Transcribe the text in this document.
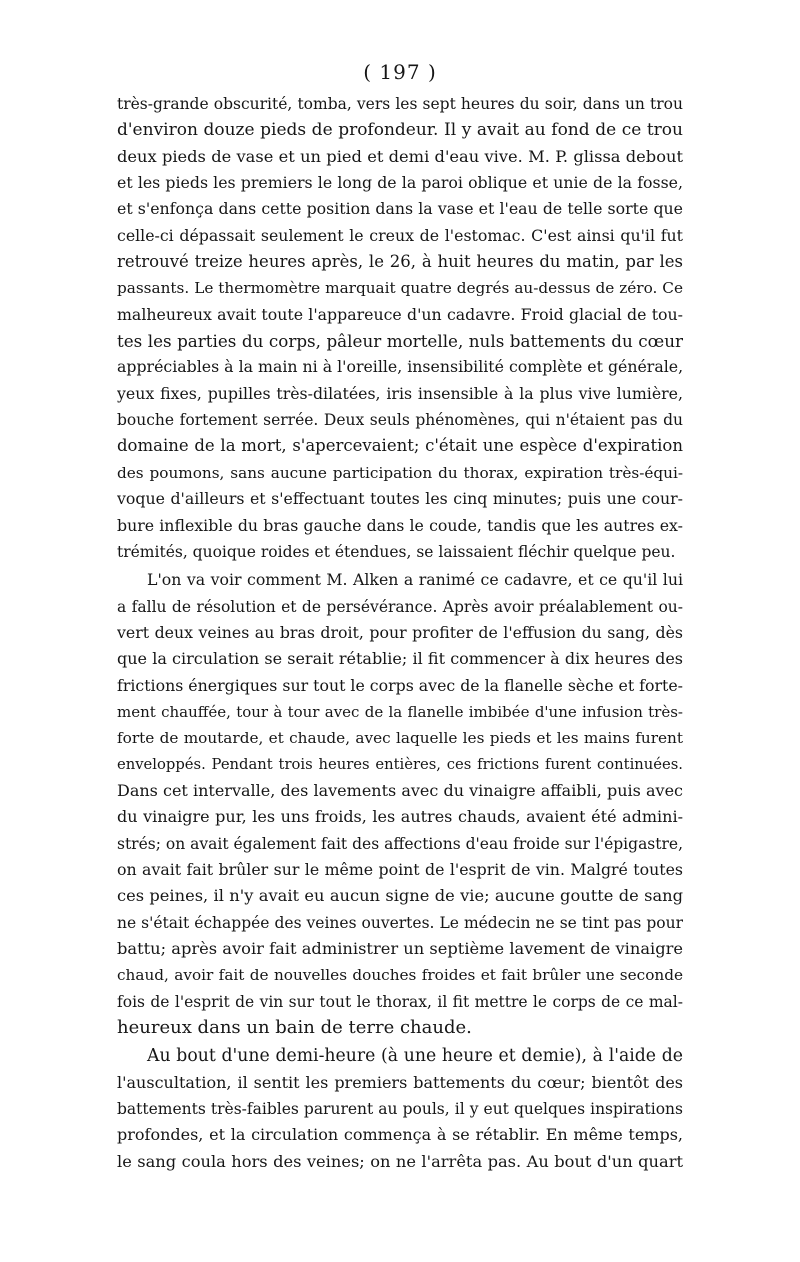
( 197 )
très-grande obscurité, tomba, vers les sept heures du soir, dans un trou
d'environ douze pieds de profondeur. Il y avait au fond de ce trou
deux pieds de vase et un pied et demi d'eau vive. M. P. glissa debout
et les pieds les premiers le long de la paroi oblique et unie de la fosse,
et s'enfonça dans cette position dans la vase et l'eau de telle sorte que
celle-ci dépassait seulement le creux de l'estomac. C'est ainsi qu'il fut
retrouvé treize heures après, le 26, à huit heures du matin, par les
passants. Le thermomètre marquait quatre degrés au-dessus de zéro. Ce
malheureux avait toute l'appareuce d'un cadavre. Froid glacial de tou-
tes les parties du corps, pâleur mortelle, nuls battements du cœur
appréciables à la main ni à l'oreille, insensibilité complète et générale,
yeux fixes, pupilles très-dilatées, iris insensible à la plus vive lumière,
bouche fortement serrée. Deux seuls phénomènes, qui n'étaient pas du
domaine de la mort, s'apercevaient; c'était une espèce d'expiration
des poumons, sans aucune participation du thorax, expiration très-équi-
voque d'ailleurs et s'effectuant toutes les cinq minutes; puis une cour-
bure inflexible du bras gauche dans le coude, tandis que les autres ex-
trémités, quoique roides et étendues, se laissaient fléchir quelque peu.
L'on va voir comment M. Alken a ranimé ce cadavre, et ce qu'il lui
a fallu de résolution et de persévérance. Après avoir préalablement ou-
vert deux veines au bras droit, pour profiter de l'effusion du sang, dès
que la circulation se serait rétablie; il fit commencer à dix heures des
frictions énergiques sur tout le corps avec de la flanelle sèche et forte-
ment chauffée, tour à tour avec de la flanelle imbibée d'une infusion très-
forte de moutarde, et chaude, avec laquelle les pieds et les mains furent
enveloppés. Pendant trois heures entières, ces frictions furent continuées.
Dans cet intervalle, des lavements avec du vinaigre affaibli, puis avec
du vinaigre pur, les uns froids, les autres chauds, avaient été admini-
strés; on avait également fait des affections d'eau froide sur l'épigastre,
on avait fait brûler sur le même point de l'esprit de vin. Malgré toutes
ces peines, il n'y avait eu aucun signe de vie; aucune goutte de sang
ne s'était échappée des veines ouvertes. Le médecin ne se tint pas pour
battu; après avoir fait administrer un septième lavement de vinaigre
chaud, avoir fait de nouvelles douches froides et fait brûler une seconde
fois de l'esprit de vin sur tout le thorax, il fit mettre le corps de ce mal-
heureux dans un bain de terre chaude.
Au bout d'une demi-heure (à une heure et demie), à l'aide de
l'auscultation, il sentit les premiers battements du cœur; bientôt des
battements très-faibles parurent au pouls, il y eut quelques inspirations
profondes, et la circulation commença à se rétablir. En même temps,
le sang coula hors des veines; on ne l'arrêta pas. Au bout d'un quart
